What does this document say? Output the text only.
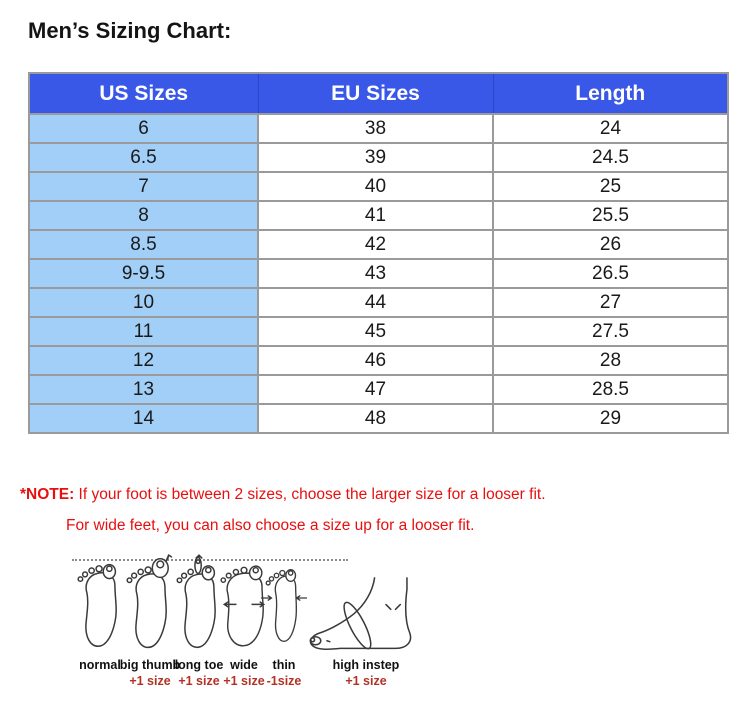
Men’s Sizing Chart:
US Sizes	EU Sizes	Length
6	38	24
6.5	39	24.5
7	40	25
8	41	25.5
8.5	42	26
9-9.5	43	26.5
10	44	27
11	45	27.5
12	46	28
13	47	28.5
14	48	29

*NOTE: If your foot is between 2 sizes, choose the larger size for a looser fit.

For wide feet, you can also choose a size up for a looser fit.

normal
big thumb
+1 size
long toe
+1 size
wide
+1 size
thin
-1size
high instep
+1 size
